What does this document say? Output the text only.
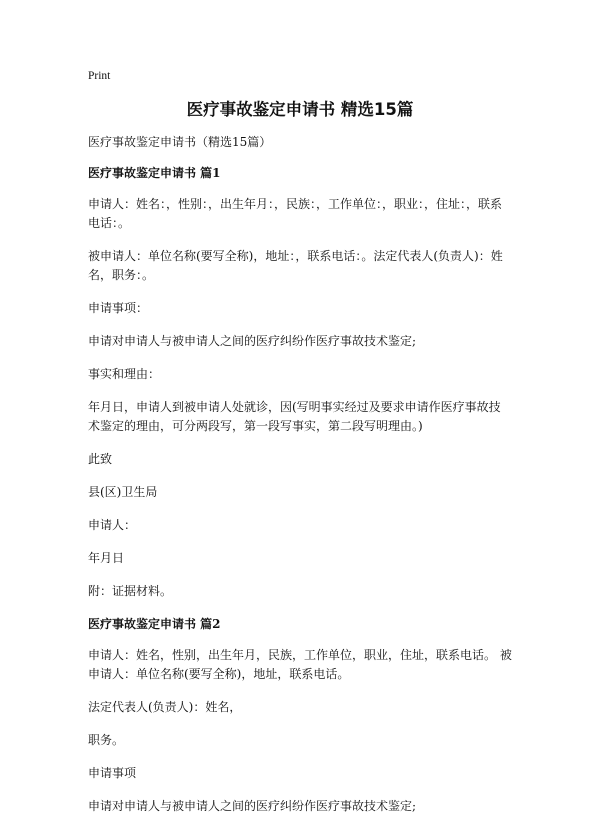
Print
医疗事故鉴定申请书 精选15篇
医疗事故鉴定申请书（精选15篇）
医疗事故鉴定申请书 篇1

申请人：姓名：，性别：，出生年月：，民族：，工作单位：，职业：，住址：，联系电话：。

被申请人：单位名称(要写全称)，地址：，联系电话：。法定代表人(负责人)：姓名，职务：。

申请事项：

申请对申请人与被申请人之间的医疗纠纷作医疗事故技术鉴定;

事实和理由：

年月日，申请人到被申请人处就诊，因(写明事实经过及要求申请作医疗事故技术鉴定的理由，可分两段写，第一段写事实，第二段写明理由。)

此致

县(区)卫生局

申请人：

年月日

附：证据材料。

医疗事故鉴定申请书 篇2

申请人：姓名，性别，出生年月，民族，工作单位，职业，住址，联系电话。 被申请人：单位名称(要写全称)，地址，联系电话。

法定代表人(负责人)：姓名，

职务。

申请事项

申请对申请人与被申请人之间的医疗纠纷作医疗事故技术鉴定;
